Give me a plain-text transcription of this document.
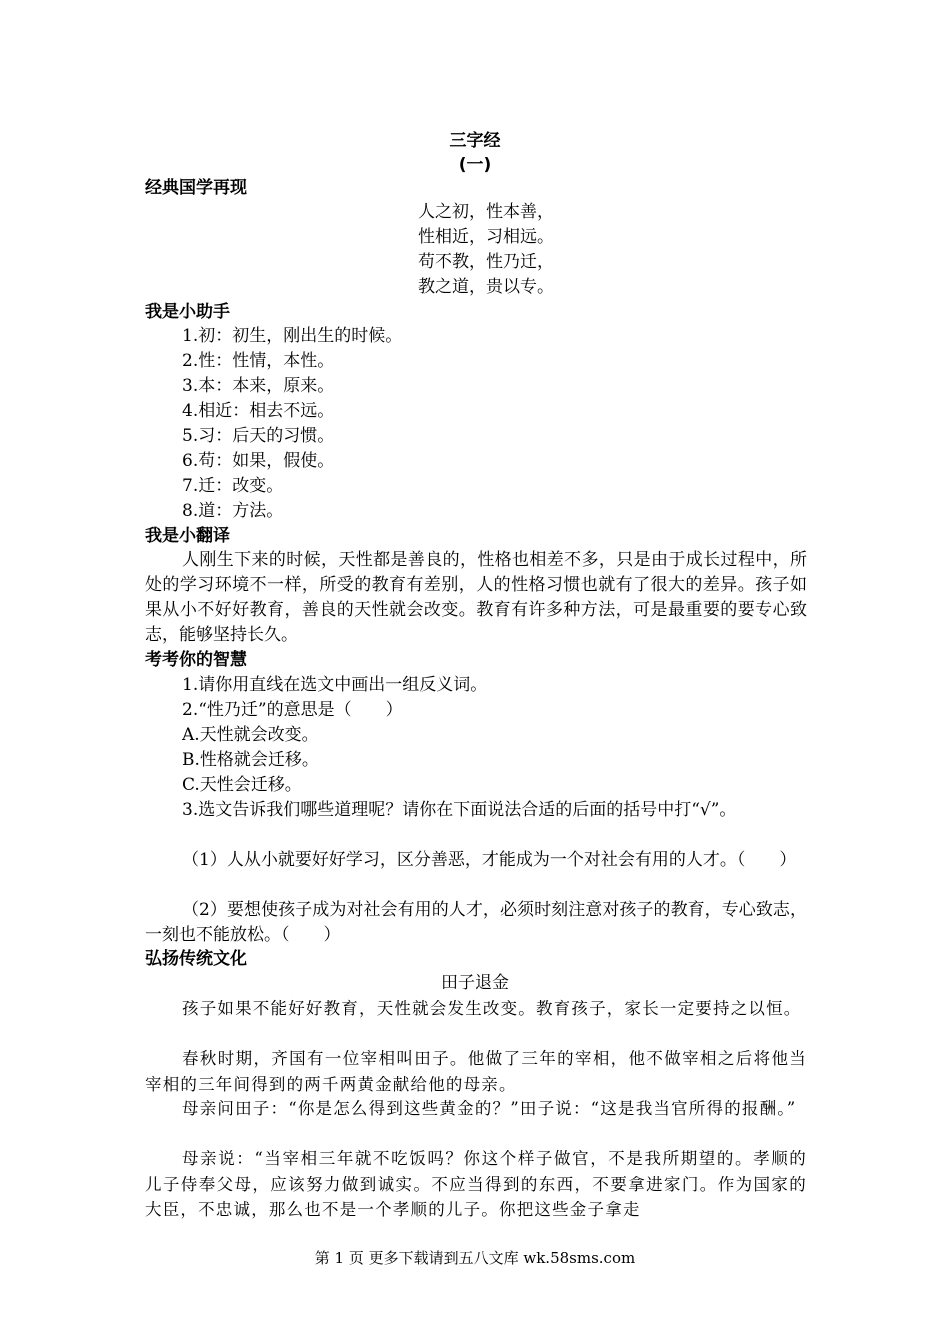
三字经
(一)
经典国学再现
人之初，性本善，
性相近，习相远。
苟不教，性乃迁，
教之道，贵以专。
我是小助手
1.初：初生，刚出生的时候。
2.性：性情，本性。
3.本：本来，原来。
4.相近：相去不远。
5.习：后天的习惯。
6.苟：如果，假使。
7.迁：改变。
8.道：方法。
我是小翻译
人刚生下来的时候，天性都是善良的，性格也相差不多，只是由于成长过程中，所处的学习环境不一样，所受的教育有差别，人的性格习惯也就有了很大的差异。孩子如果从小不好好教育，善良的天性就会改变。教育有许多种方法，可是最重要的要专心致志，能够坚持长久。
考考你的智慧
1.请你用直线在选文中画出一组反义词。
2.“性乃迁”的意思是（　　）
A.天性就会改变。
B.性格就会迁移。
C.天性会迁移。
3.选文告诉我们哪些道理呢？请你在下面说法合适的后面的括号中打“√”。
（1）人从小就要好好学习，区分善恶，才能成为一个对社会有用的人才。（　　）
（2）要想使孩子成为对社会有用的人才，必须时刻注意对孩子的教育，专心致志，一刻也不能放松。（　　）
弘扬传统文化
田子退金
孩子如果不能好好教育，天性就会发生改变。教育孩子，家长一定要持之以恒。
春秋时期，齐国有一位宰相叫田子。他做了三年的宰相，他不做宰相之后将他当宰相的三年间得到的两千两黄金献给他的母亲。
母亲问田子：“你是怎么得到这些黄金的？”田子说：“这是我当官所得的报酬。”
母亲说：“当宰相三年就不吃饭吗？你这个样子做官，不是我所期望的。孝顺的儿子侍奉父母，应该努力做到诚实。不应当得到的东西，不要拿进家门。作为国家的大臣，不忠诚，那么也不是一个孝顺的儿子。你把这些金子拿走
第 1 页 更多下载请到五八文库 wk.58sms.com
